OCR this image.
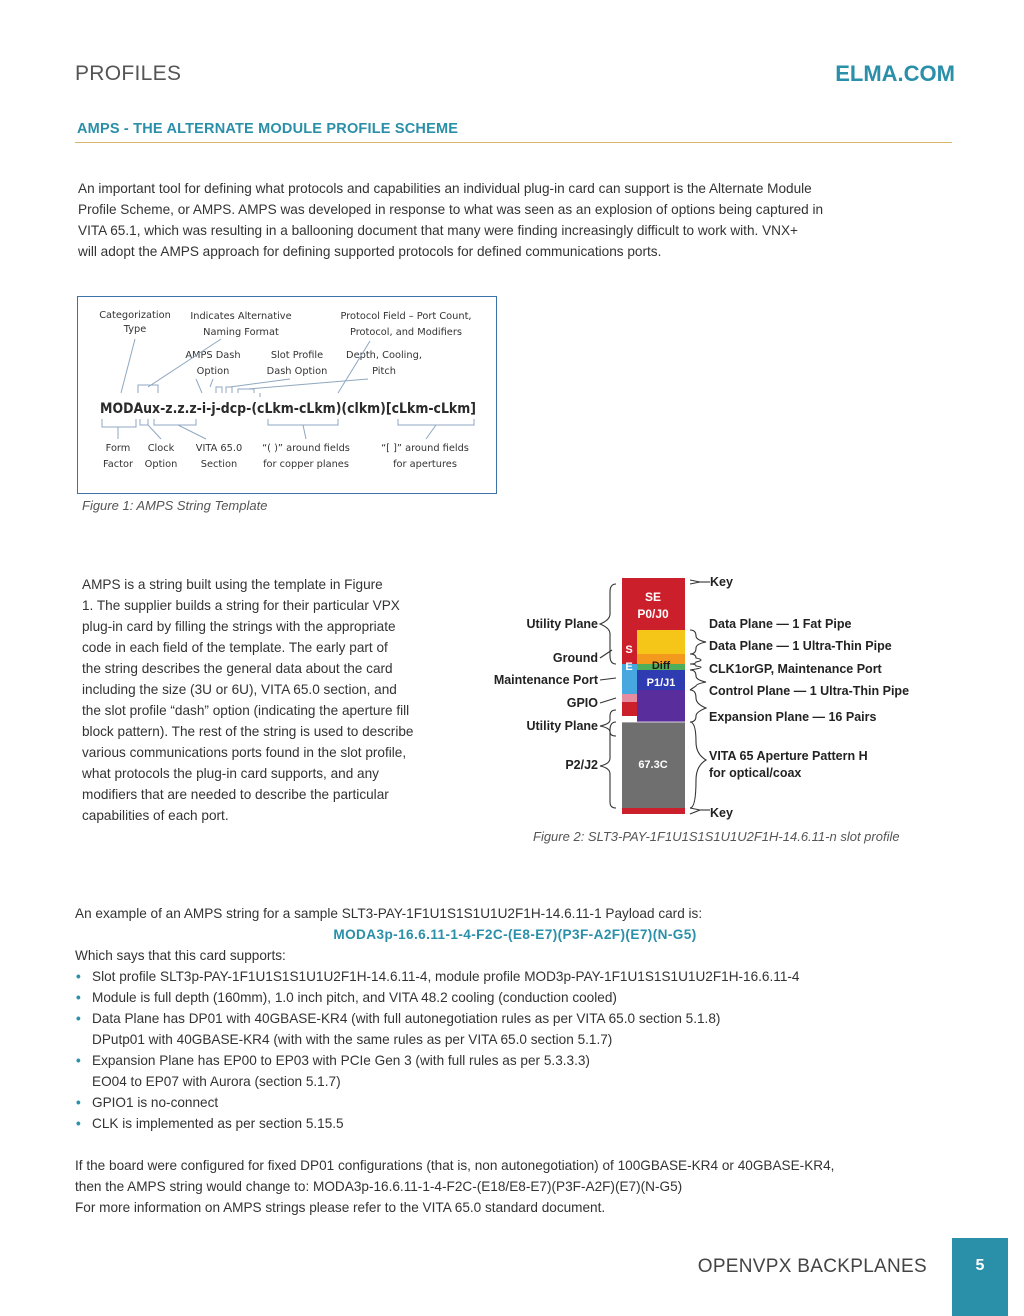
PROFILES	ELMA.COM
AMPS - THE ALTERNATE MODULE PROFILE SCHEME
An important tool for defining what protocols and capabilities an individual plug-in card can support is the Alternate Module
Profile Scheme, or AMPS. AMPS was developed in response to what was seen as an explosion of options being captured in
VITA 65.1, which was resulting in a ballooning document that many were finding increasingly difficult to work with. VNX+
will adopt the AMPS approach for defining supported protocols for defined communications ports.
Categorization
Type
Indicates Alternative
Naming Format
Protocol Field – Port Count,
Protocol, and Modifiers
AMPS Dash
Option
Slot Profile
Dash Option
Depth, Cooling,
Pitch
Form
Factor
Clock
Option
VITA 65.0
Section
“( )” around fields
for copper planes
“[ ]” around fields
for apertures
MODAux-z.z.z-i-j-dcp-(cLkm-cLkm)(clkm)[cLkm-cLkm]
Figure 1: AMPS String Template
AMPS is a string built using the template in Figure
1. The supplier builds a string for their particular VPX
plug-in card by filling the strings with the appropriate
code in each field of the template. The early part of
the string describes the general data about the card
including the size (3U or 6U), VITA 65.0 section, and
the slot profile “dash” option (indicating the aperture fill
block pattern). The rest of the string is used to describe
various communications ports found in the slot profile,
what protocols the plug-in card supports, and any
modifiers that are needed to describe the particular
capabilities of each port.
SE
P0/J0
S
E Diff
P1/J1
67.3C
Utility Plane
Ground
Maintenance Port
GPIO
Utility Plane
P2/J2
Key
Data Plane — 1 Fat Pipe
Data Plane — 1 Ultra-Thin Pipe
CLK1orGP, Maintenance Port
Control Plane — 1 Ultra-Thin Pipe
Expansion Plane — 16 Pairs
VITA 65 Aperture Pattern H
for optical/coax
Key
Figure 2: SLT3-PAY-1F1U1S1S1U1U2F1H-14.6.11-n slot profile

An example of an AMPS string for a sample SLT3-PAY-1F1U1S1S1U1U2F1H-14.6.11-1 Payload card is:

MODA3p-16.6.11-1-4-F2C-(E8-E7)(P3F-A2F)(E7)(N-G5)

Which says that this card supports:

• Slot profile SLT3p-PAY-1F1U1S1S1U1U2F1H-14.6.11-4, module profile MOD3p-PAY-1F1U1S1S1U1U2F1H-16.6.11-4
• Module is full depth (160mm), 1.0 inch pitch, and VITA 48.2 cooling (conduction cooled)
• Data Plane has DP01 with 40GBASE-KR4 (with full autonegotiation rules as per VITA 65.0 section 5.1.8)
DPutp01 with 40GBASE-KR4 (with with the same rules as per VITA 65.0 section 5.1.7)
• Expansion Plane has EP00 to EP03 with PCIe Gen 3 (with full rules as per 5.3.3.3)
EO04 to EP07 with Aurora (section 5.1.7)
• GPIO1 is no-connect
• CLK is implemented as per section 5.15.5

If the board were configured for fixed DP01 configurations (that is, non autonegotiation) of 100GBASE-KR4 or 40GBASE-KR4,

then the AMPS string would change to: MODA3p-16.6.11-1-4-F2C-(E18/E8-E7)(P3F-A2F)(E7)(N-G5)

For more information on AMPS strings please refer to the VITA 65.0 standard document.

OPENVPX BACKPLANES	5
